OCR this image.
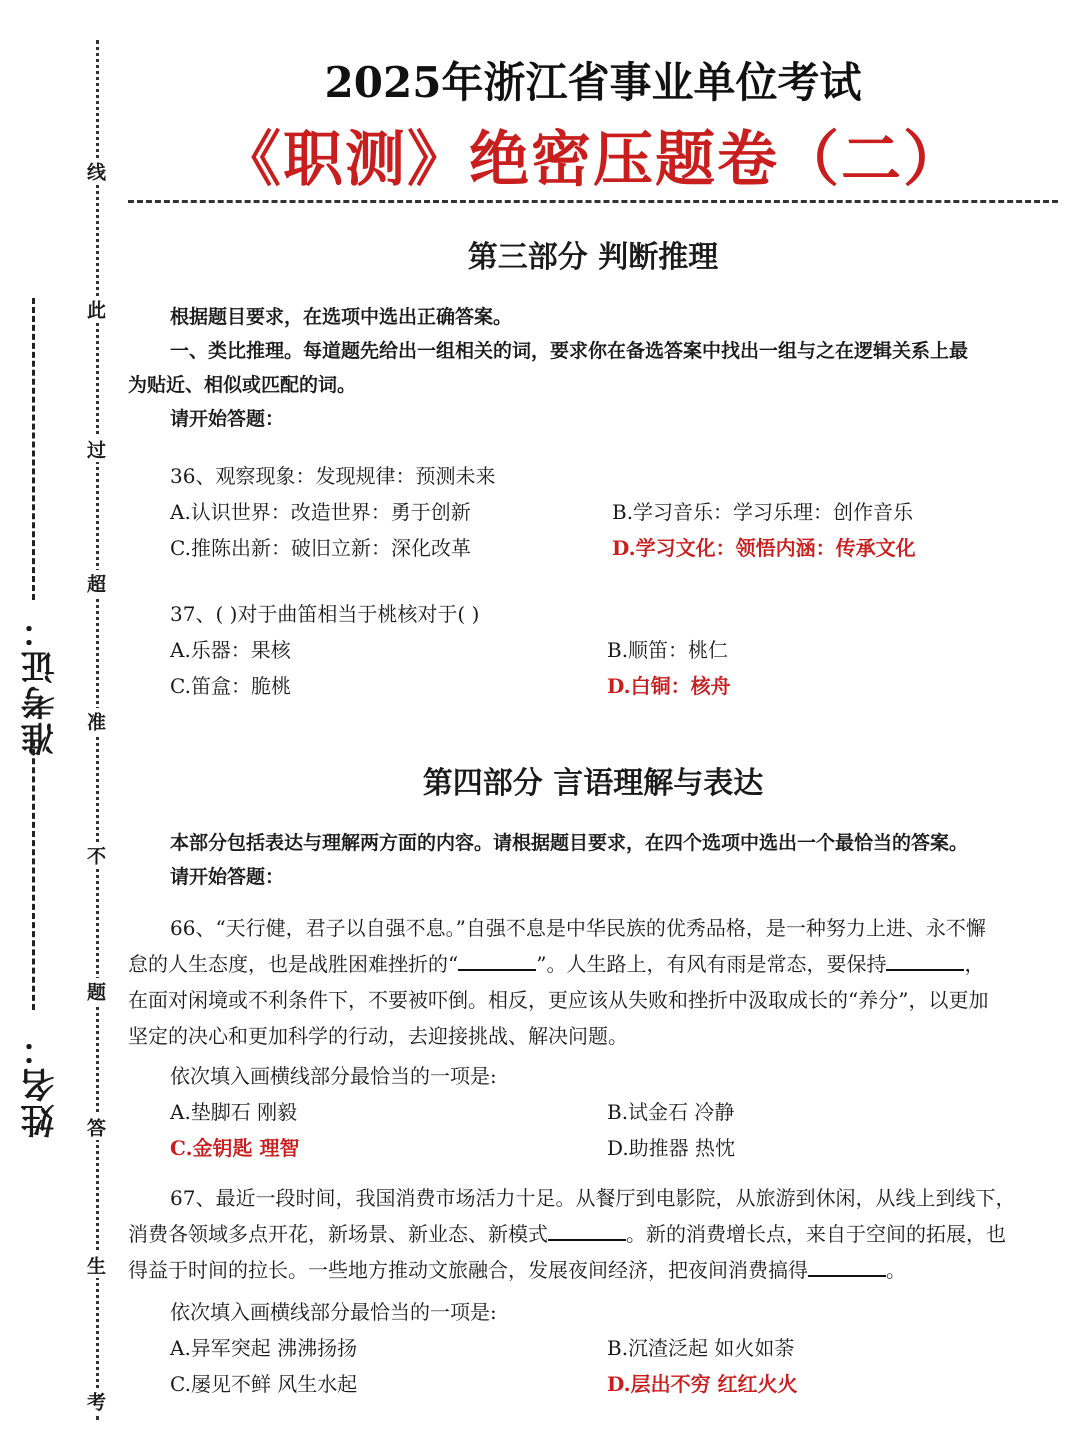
线
此
过
超
准
不
题
答
生
考
准考证：
姓名：
2025年浙江省事业单位考试
《职测》绝密压题卷（二）
第三部分 判断推理
根据题目要求，在选项中选出正确答案。
一、类比推理。每道题先给出一组相关的词，要求你在备选答案中找出一组与之在逻辑关系上最
为贴近、相似或匹配的词。
请开始答题：
36、观察现象：发现规律：预测未来
A.认识世界：改造世界：勇于创新	B.学习音乐：学习乐理：创作音乐
C.推陈出新：破旧立新：深化改革	D.学习文化：领悟内涵：传承文化
37、( )对于曲笛相当于桃核对于( )
A.乐器：果核	B.顺笛：桃仁
C.笛盒：脆桃	D.白铜：核舟
第四部分 言语理解与表达
本部分包括表达与理解两方面的内容。请根据题目要求，在四个选项中选出一个最恰当的答案。
请开始答题：
66、“天行健，君子以自强不息。”自强不息是中华民族的优秀品格，是一种努力上进、永不懈
怠的人生态度，也是战胜困难挫折的“	”。人生路上，有风有雨是常态，要保持	，
在面对闲境或不利条件下，不要被吓倒。相反，更应该从失败和挫折中汲取成长的“养分”，以更加
坚定的决心和更加科学的行动，去迎接挑战、解决问题。
依次填入画横线部分最恰当的一项是:
A.垫脚石 刚毅	B.试金石 冷静
C.金钥匙 理智	D.助推器 热忱
67、最近一段时间，我国消费市场活力十足。从餐厅到电影院，从旅游到休闲，从线上到线下，
消费各领域多点开花，新场景、新业态、新模式	。新的消费增长点，来自于空间的拓展，也
得益于时间的拉长。一些地方推动文旅融合，发展夜间经济，把夜间消费搞得	。
依次填入画横线部分最恰当的一项是:
A.异军突起 沸沸扬扬	B.沉渣泛起 如火如荼
C.屡见不鲜 风生水起	D.层出不穷 红红火火
